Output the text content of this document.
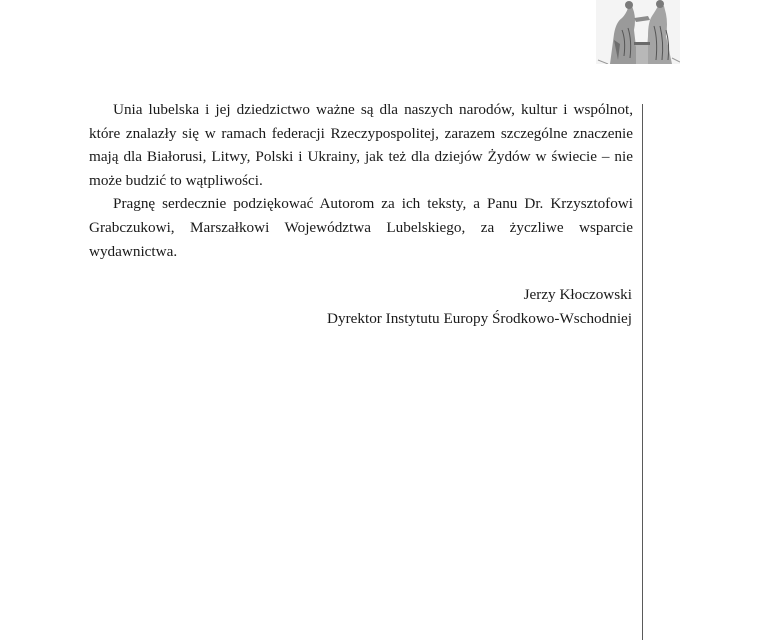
Unia lubelska i jej dziedzictwo ważne są dla naszych narodów, kultur i wspólnot, które znalazły się w ramach federacji Rzeczypospolitej, zarazem szczególne znaczenie mają dla Białorusi, Litwy, Polski i Ukrainy, jak też dla dziejów Żydów w świecie – nie może budzić to wątpliwości.

Pragnę serdecznie podziękować Autorom za ich teksty, a Panu Dr. Krzysztofowi Grabczukowi, Marszałkowi Województwa Lubelskiego, za życzliwe wsparcie wydawnictwa.

Jerzy Kłoczowski
Dyrektor Instytutu Europy Środkowo-Wschodniej
